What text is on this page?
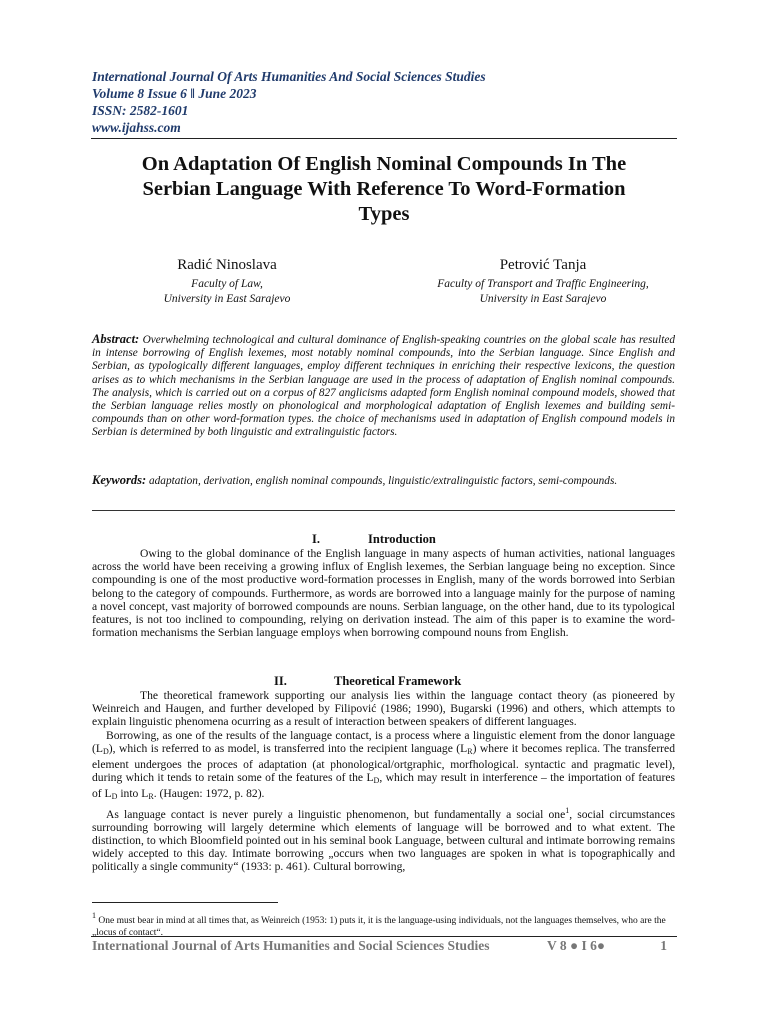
International Journal Of Arts Humanities And Social Sciences Studies
Volume 8 Issue 6 ǁ June 2023
ISSN: 2582-1601
www.ijahss.com
On Adaptation Of English Nominal Compounds In The
Serbian Language With Reference To Word-Formation
Types
Radić Ninoslava
Faculty of Law,
University in East Sarajevo
Petrović Tanja
Faculty of Transport and Traffic Engineering,
University in East Sarajevo
Abstract: Overwhelming technological and cultural dominance of English-speaking countries on the global scale has resulted in intense borrowing of English lexemes, most notably nominal compounds, into the Serbian language. Since English and Serbian, as typologically different languages, employ different techniques in enriching their respective lexicons, the question arises as to which mechanisms in the Serbian language are used in the process of adaptation of English nominal compounds. The analysis, which is carried out on a corpus of 827 anglicisms adapted form English nominal compound models, showed that the Serbian language relies mostly on phonological and morphological adaptation of English lexemes and building semi-compounds than on other word-formation types. the choice of mechanisms used in adaptation of English compound models in Serbian is determined by both linguistic and extralinguistic factors.
Keywords: adaptation, derivation, english nominal compounds, linguistic/extralinguistic factors, semi-compounds.
I.	Introduction

Owing to the global dominance of the English language in many aspects of human activities, national languages across the world have been receiving a growing influx of English lexemes, the Serbian language being no exception. Since compounding is one of the most productive word-formation processes in English, many of the words borrowed into Serbian belong to the category of compounds. Furthermore, as words are borrowed into a language mainly for the purpose of naming a novel concept, vast majority of borrowed compounds are nouns. Serbian language, on the other hand, due to its typological features, is not too inclined to compounding, relying on derivation instead. The aim of this paper is to examine the word-formation mechanisms the Serbian language employs when borrowing compound nouns from English.

II.	Theoretical Framework

The theoretical framework supporting our analysis lies within the language contact theory (as pioneered by Weinreich and Haugen, and further developed by Filipović (1986; 1990), Bugarski (1996) and others, which attempts to explain linguistic phenomena ocurring as a result of interaction between speakers of different languages.

Borrowing, as one of the results of the language contact, is a process where a linguistic element from the donor language $(L_D)$, which is referred to as model, is transferred into the recipient language $(L_R)$ where it becomes replica. The transferred element undergoes the proces of adaptation (at phonological/ortgraphic, morfhological. syntactic and pragmatic level), during which it tends to retain some of the features of the $L_D$, which may result in interference – the importation of features of $L_D$ into $L_R$. (Haugen: 1972, p. 82).

As language contact is never purely a linguistic phenomenon, but fundamentally a social one$^1$, social circumstances surrounding borrowing will largely determine which elements of language will be borrowed and to what extent. The distinction, to which Bloomfield pointed out in his seminal book Language, between cultural and intimate borrowing remains widely accepted to this day. Intimate borrowing „occurs when two languages are spoken in what is topographically and politically a single community“ (1933: p. 461). Cultural borrowing,

$^1$ One must bear in mind at all times that, as Weinreich (1953: 1) puts it, it is the language-using individuals, not the languages themselves, who are the „locus of contact“.
International Journal of Arts Humanities and Social Sciences Studies	V 8 ● I 6●	1
